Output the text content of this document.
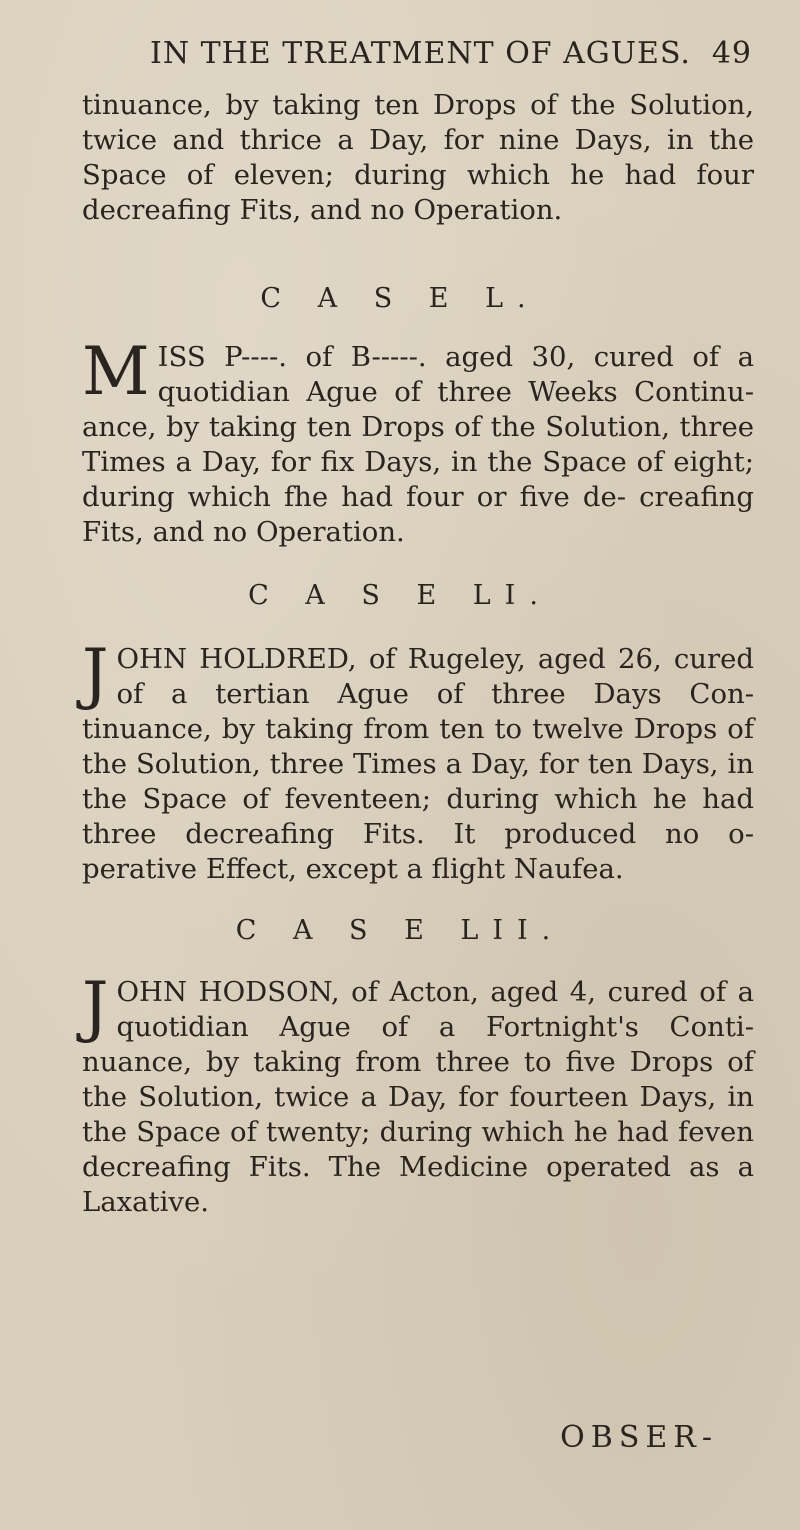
IN THE TREATMENT OF AGUES. 49

tinuance, by taking ten Drops of the Solution, twice and thrice a Day, for nine Days, in the Space of eleven; during which he had four decreafing Fits, and no Operation.

C A S E L.

MISS P----. of B-----. aged 30, cured of a quotidian Ague of three Weeks Continu- ance, by taking ten Drops of the Solution, three Times a Day, for fix Days, in the Space of eight; during which fhe had four or five de- creafing Fits, and no Operation.

C A S E LI.

JOHN HOLDRED, of Rugeley, aged 26, cured of a tertian Ague of three Days Con- tinuance, by taking from ten to twelve Drops of the Solution, three Times a Day, for ten Days, in the Space of feventeen; during which he had three decreafing Fits. It produced no o- perative Effect, except a flight Naufea.

C A S E LII.

JOHN HODSON, of Acton, aged 4, cured of a quotidian Ague of a Fortnight's Conti- nuance, by taking from three to five Drops of the Solution, twice a Day, for fourteen Days, in the Space of twenty; during which he had feven decreafing Fits. The Medicine operated as a Laxative.

OBSER-
